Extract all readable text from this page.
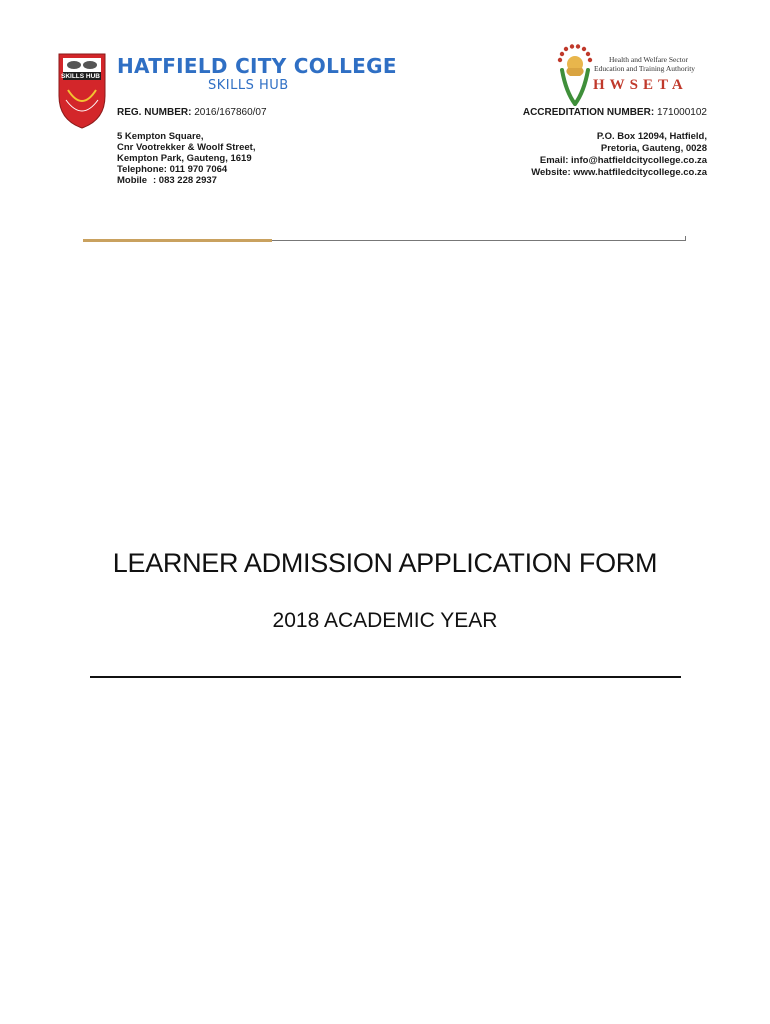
SKILLS HUB HATFIELD CITY COLLEGE
SKILLS HUB
REG. NUMBER: 2016/167860/07
5 Kempton Square,
Cnr Vootrekker & Woolf Street,
Kempton Park, Gauteng, 1619
Telephone: 011 970 7064
Mobile : 083 228 2937
Health and Welfare Sector
Education and Training Authority
HWSETA
ACCREDITATION NUMBER: 171000102
P.O. Box 12094, Hatfield,
Pretoria, Gauteng, 0028
Email: info@hatfieldcitycollege.co.za
Website: www.hatfiledcitycollege.co.za
LEARNER ADMISSION APPLICATION FORM
2018 ACADEMIC YEAR
